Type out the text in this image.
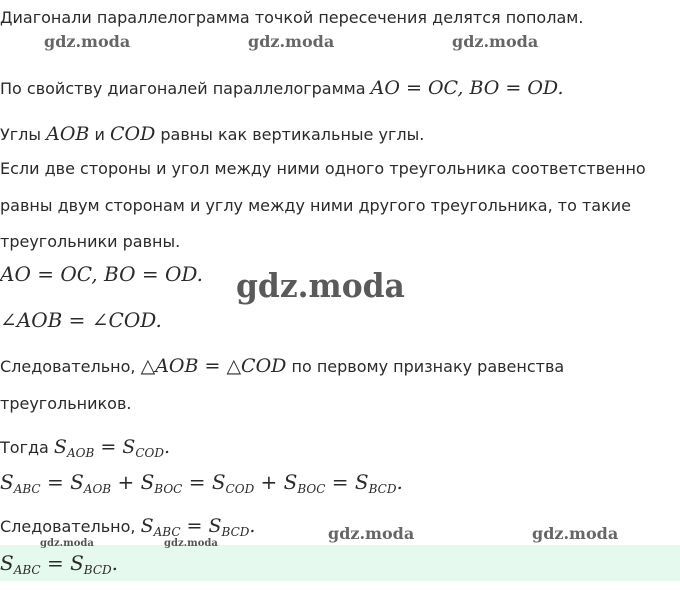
Диагонали параллелограмма точкой пересечения делятся пополам.
По свойству диагоналей параллелограмма AO = OC, BO = OD.
Углы AOB и COD равны как вертикальные углы.
Если две стороны и угол между ними одного треугольника соответственно
равны двум сторонам и углу между ними другого треугольника, то такие
треугольники равны.
AO = OC, BO = OD.
∠AOB = ∠COD.
Следовательно, △AOB = △COD по первому признаку равенства
треугольников.
Тогда $S_{AOB} = S_{COD}$.
$S_{ABC} = S_{AOB} + S_{BOC} = S_{COD} + S_{BOC} = S_{BCD}$.
Следовательно, $S_{ABC} = S_{BCD}$.
$S_{ABC} = S_{BCD}$.
gdz.moda	gdz.moda	gdz.moda
gdz.moda
gdz.moda	gdz.moda
gdz.moda	gdz.moda
